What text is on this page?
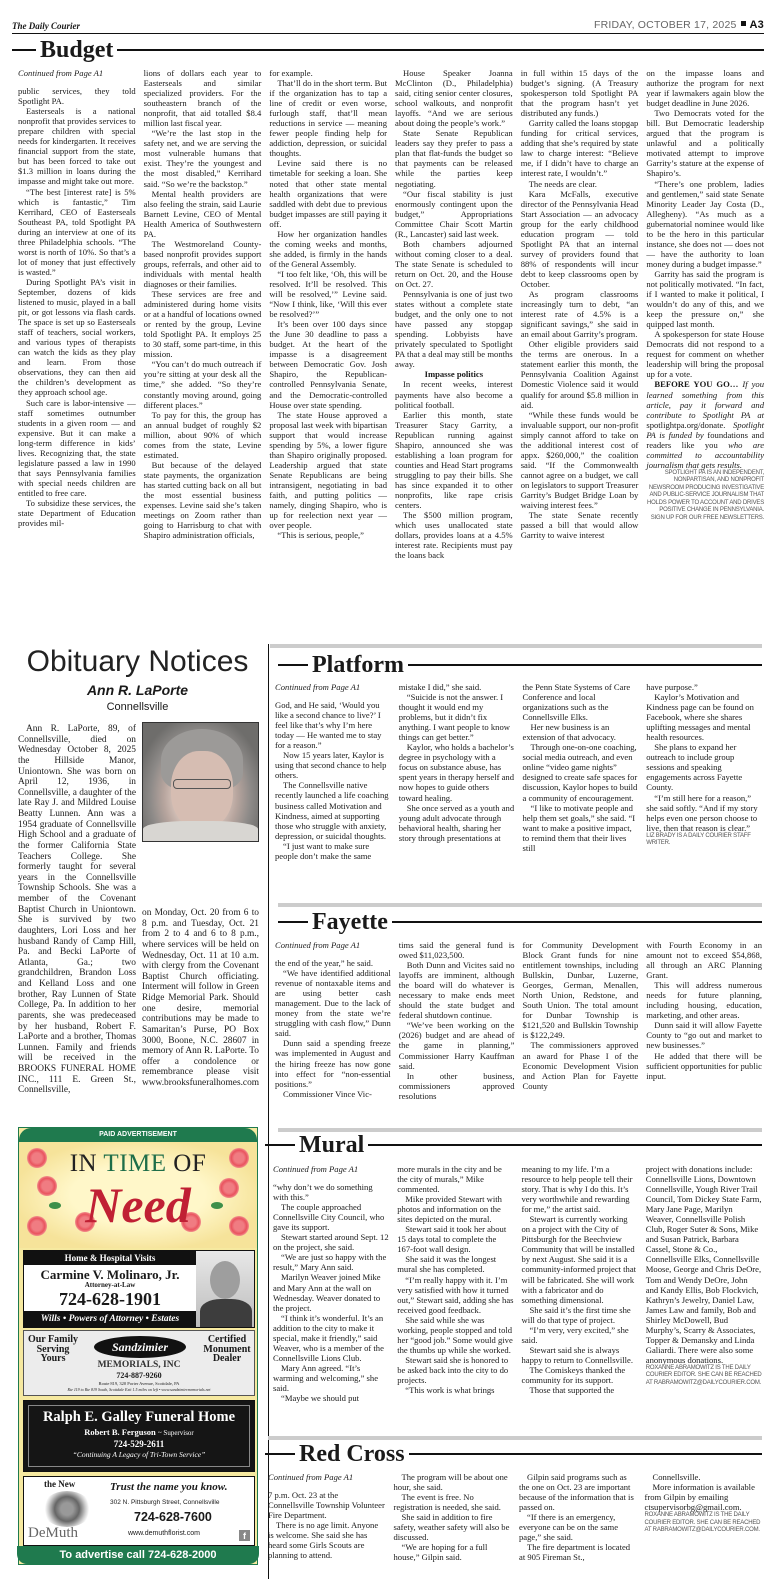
The Daily Courier	FRIDAY, OCTOBER 17, 2025 A3
Budget
Continued from Page A1

public services, they told Spotlight PA.

Easterseals is a national nonprofit that provides services to prepare children with special needs for kindergarten. It receives financial support from the state, but has been forced to take out $1.3 million in loans during the impasse and might take out more.

“The best [interest rate] is 5% which is fantastic,” Tim Kerrihard, CEO of Easterseals Southeast PA, told Spotlight PA during an interview at one of its three Philadelphia schools. “The worst is north of 10%. So that’s a lot of money that just effectively is wasted.”

During Spotlight PA’s visit in September, dozens of kids listened to music, played in a ball pit, or got lessons via flash cards. The space is set up so Easterseals staff of teachers, social workers, and various types of therapists can watch the kids as they play and learn. From those observations, they can then aid the children’s development as they approach school age.

Such care is labor-intensive — staff sometimes outnumber students in a given room — and expensive. But it can make a long-term difference in kids’ lives. Recognizing that, the state legislature passed a law in 1990 that says Pennsylvania families with special needs children are entitled to free care.

To subsidize these services, the state Department of Education provides mil-

lions of dollars each year to Easterseals and similar specialized providers. For the southeastern branch of the nonprofit, that aid totalled $8.4 million last fiscal year.

“We’re the last stop in the safety net, and we are serving the most vulnerable humans that exist. They’re the youngest and the most disabled,” Kerrihard said. “So we’re the backstop.”

Mental health providers are also feeling the strain, said Laurie Barnett Levine, CEO of Mental Health America of Southwestern PA.

The Westmoreland County-based nonprofit provides support groups, referrals, and other aid to individuals with mental health diagnoses or their families.

These services are free and administered during home visits or at a handful of locations owned or rented by the group, Levine told Spotlight PA. It employs 25 to 30 staff, some part-time, in this mission.

“You can’t do much outreach if you’re sitting at your desk all the time,” she added. “So they’re constantly moving around, going different places.”

To pay for this, the group has an annual budget of roughly $2 million, about 90% of which comes from the state, Levine estimated.

But because of the delayed state payments, the organization has started cutting back on all but the most essential business expenses. Levine said she’s taken meetings on Zoom rather than going to Harrisburg to chat with Shapiro administration officials,

for example.

That’ll do in the short term. But if the organization has to tap a line of credit or even worse, furlough staff, that’ll mean reductions in service — meaning fewer people finding help for addiction, depression, or suicidal thoughts.

Levine said there is no timetable for seeking a loan. She noted that other state mental health organizations that were saddled with debt due to previous budget impasses are still paying it off.

How her organization handles the coming weeks and months, she added, is firmly in the hands of the General Assembly.

“I too felt like, ‘Oh, this will be resolved. It’ll be resolved. This will be resolved,’” Levine said. “Now I think, like, ‘Will this ever be resolved?’”

It’s been over 100 days since the June 30 deadline to pass a budget. At the heart of the impasse is a disagreement between Democratic Gov. Josh Shapiro, the Republican-controlled Pennsylvania Senate, and the Democratic-controlled House over state spending.

The state House approved a proposal last week with bipartisan support that would increase spending by 5%, a lower figure than Shapiro originally proposed. Leadership argued that state Senate Republicans are being intransigent, negotiating in bad faith, and putting politics — namely, dinging Shapiro, who is up for reelection next year — over people.

“This is serious, people,”

House Speaker Joanna McClinton (D., Philadelphia) said, citing senior center closures, school walkouts, and nonprofit layoffs. “And we are serious about doing the people’s work.”

State Senate Republican leaders say they prefer to pass a plan that flat-funds the budget so that payments can be released while the parties keep negotiating.

“Our fiscal stability is just enormously contingent upon the budget,” Appropriations Committee Chair Scott Martin (R., Lancaster) said last week.

Both chambers adjourned without coming closer to a deal. The state Senate is scheduled to return on Oct. 20, and the House on Oct. 27.

Pennsylvania is one of just two states without a complete state budget, and the only one to not have passed any stopgap spending. Lobbyists have privately speculated to Spotlight PA that a deal may still be months away.

Impasse politics

In recent weeks, interest payments have also become a political football.

Earlier this month, state Treasurer Stacy Garrity, a Republican running against Shapiro, announced she was establishing a loan program for counties and Head Start programs struggling to pay their bills. She has since expanded it to other nonprofits, like rape crisis centers.

The $500 million program, which uses unallocated state dollars, provides loans at a 4.5% interest rate. Recipients must pay the loans back

in full within 15 days of the budget’s signing. (A Treasury spokesperson told Spotlight PA that the program hasn’t yet distributed any funds.)

Garrity called the loans stopgap funding for critical services, adding that she’s required by state law to charge interest: “Believe me, if I didn’t have to charge an interest rate, I wouldn’t.”

The needs are clear.

Kara McFalls, executive director of the Pennsylvania Head Start Association — an advocacy group for the early childhood education program — told Spotlight PA that an internal survey of providers found that 88% of respondents will incur debt to keep classrooms open by October.

As program classrooms increasingly turn to debt, “an interest rate of 4.5% is a significant savings,” she said in an email about Garrity’s program.

Other eligible providers said the terms are onerous. In a statement earlier this month, the Pennsylvania Coalition Against Domestic Violence said it would qualify for around $5.8 million in aid.

“While these funds would be invaluable support, our non-profit simply cannot afford to take on the additional interest cost of appx. $260,000,” the coalition said. “If the Commonwealth cannot agree on a budget, we call on legislators to support Treasurer Garrity’s Budget Bridge Loan by waiving interest fees.”

The state Senate recently passed a bill that would allow Garrity to waive interest

on the impasse loans and authorize the program for next year if lawmakers again blow the budget deadline in June 2026.

Two Democrats voted for the bill. But Democratic leadership argued that the program is unlawful and a politically motivated attempt to improve Garrity’s stature at the expense of Shapiro’s.

“There’s one problem, ladies and gentlemen,” said state Senate Minority Leader Jay Costa (D., Allegheny). “As much as a gubernatorial nominee would like to be the hero in this particular instance, she does not — does not — have the authority to loan money during a budget impasse.”

Garrity has said the program is not politically motivated. “In fact, if I wanted to make it political, I wouldn’t do any of this, and we keep the pressure on,” she quipped last month.

A spokesperson for state House Democrats did not respond to a request for comment on whether leadership will bring the proposal up for a vote.

BEFORE YOU GO… If you learned something from this article, pay it forward and contribute to Spotlight PA at spotlightpa.org/donate. Spotlight PA is funded by foundations and readers like you who are committed to accountability journalism that gets results.

SPOTLIGHT PA IS AN INDEPENDENT, NONPARTISAN, AND NONPROFIT NEWSROOM PRODUCING INVESTIGATIVE AND PUBLIC-SERVICE JOURNALISM THAT HOLDS POWER TO ACCOUNT AND DRIVES POSITIVE CHANGE IN PENNSYLVANIA. SIGN UP FOR OUR FREE NEWSLETTERS.

Obituary Notices
Ann R. LaPorte
Connellsville
Ann R. LaPorte, 89, of Connellsville, died on Wednesday October 8, 2025 the Hillside Manor, Uniontown. She was born on April 12, 1936, in Connellsville, a daughter of the late Ray J. and Mildred Louise Beatty Lunnen. Ann was a 1954 graduate of Connellsville High School and a graduate of the former California State Teachers College. She formerly taught for several years in the Connellsville Township Schools. She was a member of the Covenant Baptist Church in Uniontown. She is survived by two daughters, Lori Loss and her husband Randy of Camp Hill, Pa. and Becki LaPorte of Atlanta, Ga.; two grandchildren, Brandon Loss and Kelland Loss and one brother, Ray Lunnen of State College, Pa. In addition to her parents, she was predeceased by her husband, Robert F. LaPorte and a brother, Thomas Lunnen. Family and friends will be received in the BROOKS FUNERAL HOME INC., 111 E. Green St., Connellsville,
on Monday, Oct. 20 from 6 to 8 p.m. and Tuesday, Oct. 21 from 2 to 4 and 6 to 8 p.m., where services will be held on Wednesday, Oct. 11 at 10 a.m. with clergy from the Covenant Baptist Church officiating. Interment will follow in Green Ridge Memorial Park. Should one desire, memorial contributions may be made to Samaritan’s Purse, PO Box 3000, Boone, N.C. 28607 in memory of Ann R. LaPorte. To offer a condolence or remembrance please visit www.brooksfuneralhomes.com
PAID ADVERTISEMENT
IN TIME OF
Need
Home & Hospital Visits
Carmine V. Molinaro, Jr.
Attorney-at-Law
724-628-1901
Wills • Powers of Attorney • Estates
Our Family Serving Yours
Sandzimier
Certified Monument Dealer
MEMORIALS, INC
724-887-9260
Route 819, 320 Porter Avenue, Scottdale, PA
Rte 119 to Rte 819 South, Scottdale Exit 1.5 miles on left • www.sandzimiermemorials.net
Ralph E. Galley Funeral Home
Robert B. Ferguson ~ Supervisor
724-529-2611
“Continuing A Legacy of Tri-Town Service”
the New
DeMuth
Trust the name you know.
302 N. Pittsburgh Street, Connellsville
724-628-7600
www.demuthflorist.com	f
To advertise call 724-628-2000
Platform
Continued from Page A1

God, and He said, ‘Would you like a second chance to live?’ I feel like that’s why I’m here today — He wanted me to stay for a reason.”

Now 15 years later, Kaylor is using that second chance to help others.

The Connellsville native recently launched a life coaching business called Motivation and Kindness, aimed at supporting those who struggle with anxiety, depression, or suicidal thoughts.

“I just want to make sure people don’t make the same

mistake I did,” she said.

“Suicide is not the answer. I thought it would end my problems, but it didn’t fix anything. I want people to know things can get better.”

Kaylor, who holds a bachelor’s degree in psychology with a focus on substance abuse, has spent years in therapy herself and now hopes to guide others toward healing.

She once served as a youth and young adult advocate through behavioral health, sharing her story through presentations at

the Penn State Systems of Care Conference and local organizations such as the Connellsville Elks.

Her new business is an extension of that advocacy.

Through one-on-one coaching, social media outreach, and even online “video game nights” designed to create safe spaces for discussion, Kaylor hopes to build a community of encouragement.

“I like to motivate people and help them set goals,” she said. “I want to make a positive impact, to remind them that their lives still

have purpose.”

Kaylor’s Motivation and Kindness page can be found on Facebook, where she shares uplifting messages and mental health resources.

She plans to expand her outreach to include group sessions and speaking engagements across Fayette County.

“I’m still here for a reason,” she said softly. “And if my story helps even one person choose to live, then that reason is clear.”

LIZ BRADY IS A DAILY COURIER STAFF WRITER.

Fayette
Continued from Page A1

the end of the year,” he said.

“We have identified additional revenue of nontaxable items and are using better cash management. Due to the lack of money from the state we’re struggling with cash flow,” Dunn said.

Dunn said a spending freeze was implemented in August and the hiring freeze has now gone into effect for “non-essential positions.”

Commissioner Vince Vic-

tims said the general fund is owed $11,023,500.

Both Dunn and Vicites said no layoffs are imminent, although the board will do whatever is necessary to make ends meet should the state budget and federal shutdown continue.

“We’ve been working on the (2026) budget and are ahead of the game in planning,” Commissioner Harry Kauffman said.

In other business, commissioners approved resolutions

for Community Development Block Grant funds for nine entitlement townships, including Bullskin, Dunbar, Luzerne, Georges, German, Menallen, North Union, Redstone, and South Union. The total amount for Dunbar Township is $121,520 and Bullskin Township is $122,249.

The commissioners approved an award for Phase I of the Economic Development Vision and Action Plan for Fayette County

with Fourth Economy in an amount not to exceed $54,868, all through an ARC Planning Grant.

This will address numerous needs for future planning, including housing, education, marketing, and other areas.

Dunn said it will allow Fayette County to “go out and market to new businesses.”

He added that there will be sufficient opportunities for public input.

Mural
Continued from Page A1

“why don’t we do something with this.”

The couple approached Connellsville City Council, who gave its support.

Stewart started around Sept. 12 on the project, she said.

“We are just so happy with the result,” Mary Ann said.

Marilyn Weaver joined Mike and Mary Ann at the wall on Wednesday. Weaver donated to the project.

“I think it’s wonderful. It’s an addition to the city to make it special, make it friendly,” said Weaver, who is a member of the Connellsville Lions Club.

Mary Ann agreed. “It’s warming and welcoming,” she said.

“Maybe we should put

more murals in the city and be the city of murals,” Mike commented.

Mike provided Stewart with photos and information on the sites depicted on the mural.

Stewart said it took her about 15 days total to complete the 167-foot wall design.

She said it was the longest mural she has completed.

“I’m really happy with it. I’m very satisfied with how it turned out,” Stewart said, adding she has received good feedback.

She said while she was working, people stopped and told her “good job.” Some would give the thumbs up while she worked.

Stewart said she is honored to be asked back into the city to do projects.

“This work is what brings

meaning to my life. I’m a resource to help people tell their story. That is why I do this. It’s very worthwhile and rewarding for me,” the artist said.

Stewart is currently working on a project with the City of Pittsburgh for the Beechview Community that will be installed by next August. She said it is a community-informed project that will be fabricated. She will work with a fabricator and do something dimensional.

She said it’s the first time she will do that type of project.

“I’m very, very excited,” she said.

Stewart said she is always happy to return to Connellsville.

The Comiskeys thanked the community for its support.

Those that supported the

project with donations include: Connellsville Lions, Downtown Connellsville, Yough River Trail Council, Tom Dickey State Farm, Mary Jane Page, Marilyn Weaver, Connellsville Polish Club, Roger Suter & Sons, Mike and Susan Patrick, Barbara Cassel, Stone & Co., Connellsville Elks, Connellsville Moose, George and Chris DeOre, Tom and Wendy DeOre, John and Kandy Ellis, Bob Flockvich, Kathryn’s Jewelry, Daniel Law, James Law and family, Bob and Shirley McDowell, Bud Murphy’s, Scarry & Associates, Topper & Demansky and Linda Galiardi. There were also some anonymous donations.

ROXANNE ABRAMOWITZ IS THE DAILY COURIER EDITOR. SHE CAN BE REACHED AT RABRAMOWITZ@DAILYCOURIER.COM.

Red Cross
Continued from Page A1

7 p.m. Oct. 23 at the Connellsville Township Volunteer Fire Department.

There is no age limit. Anyone is welcome. She said she has heard some Girls Scouts are planning to attend.

The program will be about one hour, she said.

The event is free. No registration is needed, she said.

She said in addition to fire safety, weather safety will also be discussed.

“We are hoping for a full house,” Gilpin said.

Gilpin said programs such as the one on Oct. 23 are important because of the information that is passed on.

“If there is an emergency, everyone can be on the same page,” she said.

The fire department is located at 905 Fireman St.,

Connellsville.

More information is available from Gilpin by emailing ctsupervisorbg@gmail.com.

ROXANNE ABRAMOWITZ IS THE DAILY COURIER EDITOR. SHE CAN BE REACHED AT RABRAMOWITZ@DAILYCOURIER.COM.
